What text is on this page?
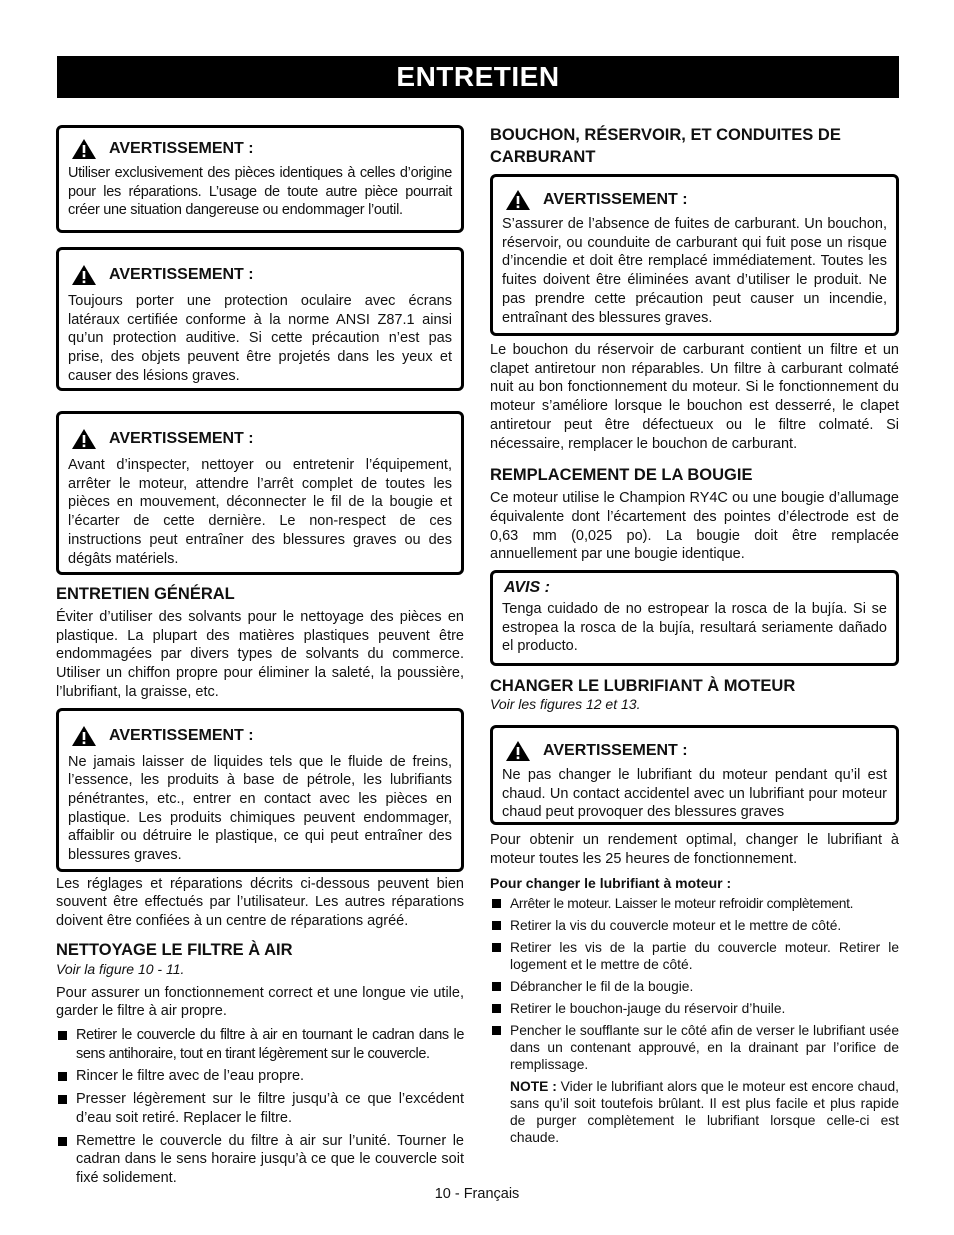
ENTRETIEN
AVERTISSEMENT :

Utiliser exclusivement des pièces identiques à celles d’origine pour les réparations. L’usage de toute autre pièce pourrait créer une situation dangereuse ou endommager l’outil.

AVERTISSEMENT :

Toujours porter une protection oculaire avec écrans latéraux certifiée conforme à la norme ANSI Z87.1 ainsi qu’un protection auditive. Si cette précaution n’est pas prise, des objets peuvent être projetés dans les yeux et causer des lésions graves.

AVERTISSEMENT :

Avant d’inspecter, nettoyer ou entretenir l’équipement, arrêter le moteur, attendre l’arrêt complet de toutes les pièces en mouvement, déconnecter le fil de la bougie et l’écarter de cette dernière. Le non-respect de ces instructions peut entraîner des blessures graves ou des dégâts matériels.

ENTRETIEN GÉNÉRAL

Éviter d’utiliser des solvants pour le nettoyage des pièces en plastique. La plupart des matières plastiques peuvent être endommagées par divers types de solvants du commerce. Utiliser un chiffon propre pour éliminer la saleté, la poussière, l’lubrifiant, la graisse, etc.

AVERTISSEMENT :

Ne jamais laisser de liquides tels que le fluide de freins, l’essence, les produits à base de pétrole, les lubrifiants pénétrantes, etc., entrer en contact avec les pièces en plastique. Les produits chimiques peuvent endommager, affaiblir ou détruire le plastique, ce qui peut entraîner des blessures graves.

Les réglages et réparations décrits ci-dessous peuvent bien souvent être effectués par l’utilisateur. Les autres réparations doivent être confiées à un centre de réparations agréé.

NETTOYAGE LE FILTRE À AIR

Voir la figure 10 - 11.

Pour assurer un fonctionnement correct et une longue vie utile, garder le filtre à air propre.

Retirer le couvercle du filtre à air en tournant le cadran dans le sens antihoraire, tout en tirant légèrement sur le couvercle.
Rincer le filtre avec de l’eau propre.
Presser légèrement sur le filtre jusqu’à ce que l’excédent d’eau soit retiré. Replacer le filtre.
Remettre le couvercle du filtre à air sur l’unité. Tourner le cadran dans le sens horaire jusqu’à ce que le couvercle soit fixé solidement.
BOUCHON, RÉSERVOIR, ET CONDUITES DE CARBURANT
AVERTISSEMENT :

S’assurer de l’absence de fuites de carburant. Un bouchon, réservoir, ou counduite de carburant qui fuit pose un risque d’incendie et doit être remplacé immédiatement. Toutes les fuites doivent être éliminées avant d’utiliser le produit. Ne pas prendre cette précaution peut causer un incendie, entraînant des blessures graves.

Le bouchon du réservoir de carburant contient un filtre et un clapet antiretour non réparables. Un filtre à carburant colmaté nuit au bon fonctionnement du moteur. Si le fonctionnement du moteur s’améliore lorsque le bouchon est desserré, le clapet antiretour peut être défectueux ou le filtre colmaté. Si nécessaire, remplacer le bouchon de carburant.

REMPLACEMENT DE LA BOUGIE

Ce moteur utilise le Champion RY4C ou une bougie d’allumage équivalente dont l’écartement des pointes d’électrode est de 0,63 mm (0,025 po). La bougie doit être remplacée annuellement par une bougie identique.

AVIS :

Tenga cuidado de no estropear la rosca de la bujía. Si se estropea la rosca de la bujía, resultará seriamente dañado el producto.

CHANGER LE LUBRIFIANT À MOTEUR

Voir les figures 12 et 13.

AVERTISSEMENT :

Ne pas changer le lubrifiant du moteur pendant qu’il est chaud. Un contact accidentel avec un lubrifiant pour moteur chaud peut provoquer des blessures graves

Pour obtenir un rendement optimal, changer le lubrifiant à moteur toutes les 25 heures de fonctionnement.

Pour changer le lubrifiant à moteur :

Arrêter le moteur. Laisser le moteur refroidir complètement.
Retirer la vis du couvercle moteur et le mettre de côté.
Retirer les vis de la partie du couvercle moteur. Retirer le logement et le mettre de côté.
Débrancher le fil de la bougie.
Retirer le bouchon-jauge du réservoir d’huile.
Pencher le soufflante sur le côté afin de verser le lubrifiant usée dans un contenant approuvé, en la drainant par l’orifice de remplissage.

NOTE : Vider le lubrifiant alors que le moteur est encore chaud, sans qu’il soit toutefois brûlant. Il est plus facile et plus rapide de purger complètement le lubrifiant lorsque celle-ci est chaude.

10 - Français
